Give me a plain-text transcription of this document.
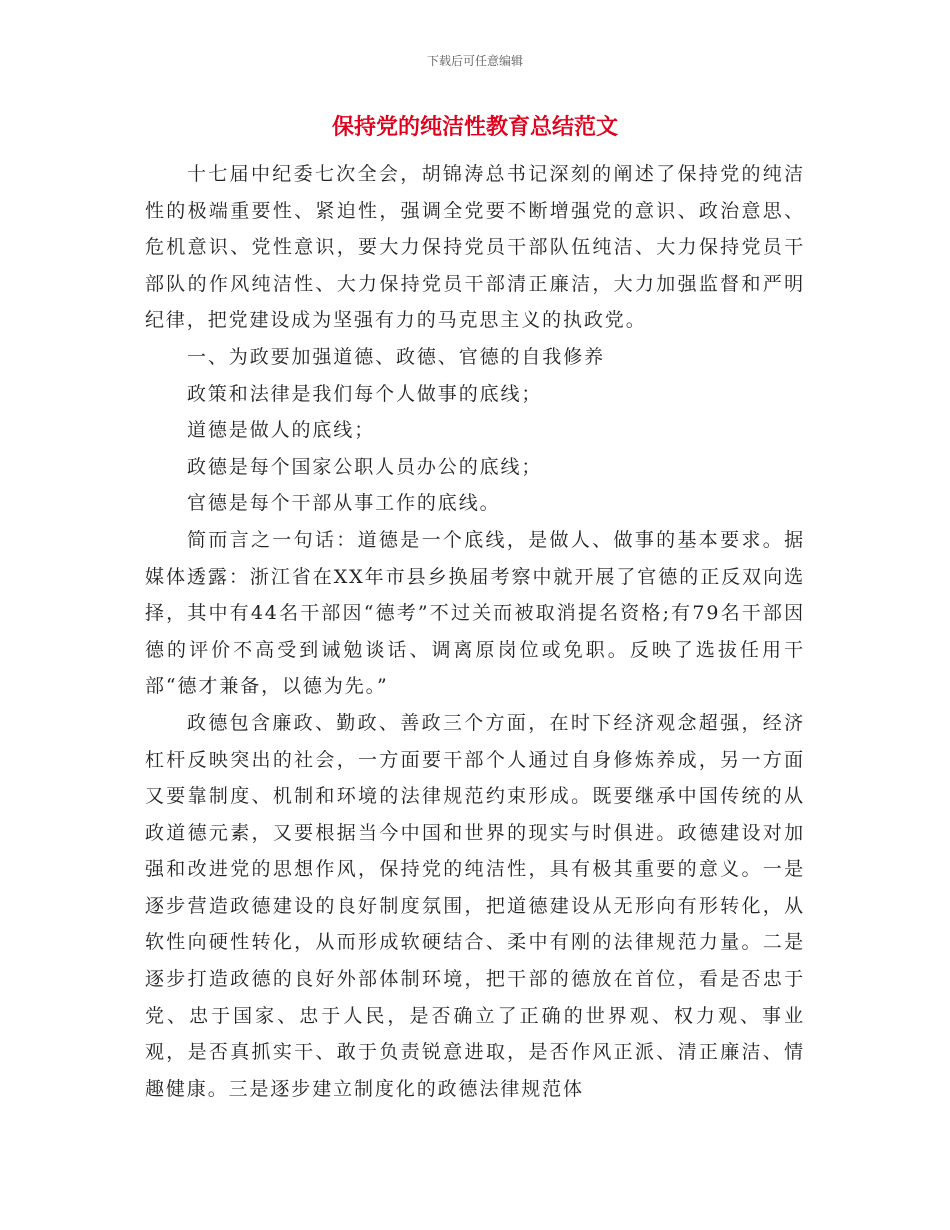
下载后可任意编辑
保持党的纯洁性教育总结范文

十七届中纪委七次全会，胡锦涛总书记深刻的阐述了保持党的纯洁性的极端重要性、紧迫性，强调全党要不断增强党的意识、政治意思、危机意识、党性意识，要大力保持党员干部队伍纯洁、大力保持党员干部队的作风纯洁性、大力保持党员干部清正廉洁，大力加强监督和严明纪律，把党建设成为坚强有力的马克思主义的执政党。

一、为政要加强道德、政德、官德的自我修养

政策和法律是我们每个人做事的底线；

道德是做人的底线；

政德是每个国家公职人员办公的底线；

官德是每个干部从事工作的底线。

简而言之一句话：道德是一个底线，是做人、做事的基本要求。据媒体透露：浙江省在XX年市县乡换届考察中就开展了官德的正反双向选择，其中有44名干部因“德考”不过关而被取消提名资格;有79名干部因德的评价不高受到诫勉谈话、调离原岗位或免职。反映了选拔任用干部“德才兼备，以德为先。”

政德包含廉政、勤政、善政三个方面，在时下经济观念超强，经济杠杆反映突出的社会，一方面要干部个人通过自身修炼养成，另一方面又要靠制度、机制和环境的法律规范约束形成。既要继承中国传统的从政道德元素，又要根据当今中国和世界的现实与时俱进。政德建设对加强和改进党的思想作风，保持党的纯洁性，具有极其重要的意义。一是逐步营造政德建设的良好制度氛围，把道德建设从无形向有形转化，从软性向硬性转化，从而形成软硬结合、柔中有刚的法律规范力量。二是逐步打造政德的良好外部体制环境，把干部的德放在首位，看是否忠于党、忠于国家、忠于人民，是否确立了正确的世界观、权力观、事业观，是否真抓实干、敢于负责锐意进取，是否作风正派、清正廉洁、情趣健康。三是逐步建立制度化的政德法律规范体
